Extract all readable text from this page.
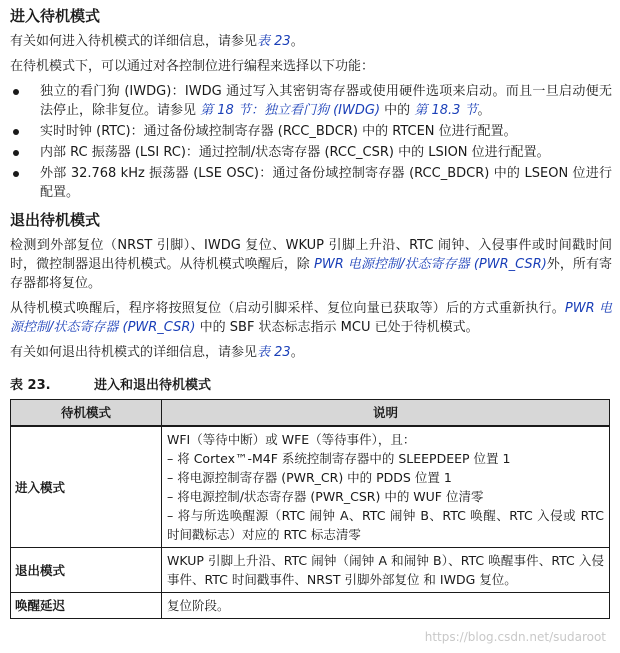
进入待机模式

有关如何进入待机模式的详细信息，请参见表 23。

在待机模式下，可以通过对各控制位进行编程来选择以下功能：

独立的看门狗 (IWDG)：IWDG 通过写入其密钥寄存器或使用硬件选项来启动。而且一旦启动便无法停止，除非复位。请参见 第 18 节：独立看门狗 (IWDG) 中的 第 18.3 节。
实时时钟 (RTC)：通过备份域控制寄存器 (RCC_BDCR) 中的 RTCEN 位进行配置。
内部 RC 振荡器 (LSI RC)：通过控制/状态寄存器 (RCC_CSR) 中的 LSION 位进行配置。
外部 32.768 kHz 振荡器 (LSE OSC)：通过备份域控制寄存器 (RCC_BDCR) 中的 LSEON 位进行配置。
退出待机模式

检测到外部复位（NRST 引脚）、IWDG 复位、WKUP 引脚上升沿、RTC 闹钟、入侵事件或时间戳时间时，微控制器退出待机模式。从待机模式唤醒后，除 PWR 电源控制/状态寄存器 (PWR_CSR)外，所有寄存器都将复位。

从待机模式唤醒后，程序将按照复位（启动引脚采样、复位向量已获取等）后的方式重新执行。PWR 电源控制/状态寄存器 (PWR_CSR) 中的 SBF 状态标志指示 MCU 已处于待机模式。

有关如何退出待机模式的详细信息，请参见表 23。

表 23.	进入和退出待机模式
待机模式	说明
进入模式	WFI（等待中断）或 WFE（等待事件），且：
– 将 Cortex™-M4F 系统控制寄存器中的 SLEEPDEEP 位置 1
– 将电源控制寄存器 (PWR_CR) 中的 PDDS 位置 1
– 将电源控制/状态寄存器 (PWR_CSR) 中的 WUF 位清零
– 将与所选唤醒源（RTC 闹钟 A、RTC 闹钟 B、RTC 唤醒、RTC 入侵或 RTC 时间戳标志）对应的 RTC 标志清零

退出模式	WKUP 引脚上升沿、RTC 闹钟（闹钟 A 和闹钟 B）、RTC 唤醒事件、RTC 入侵事件、RTC 时间戳事件、NRST 引脚外部复位 和 IWDG 复位。

唤醒延迟	复位阶段。
https://blog.csdn.net/sudaroot
